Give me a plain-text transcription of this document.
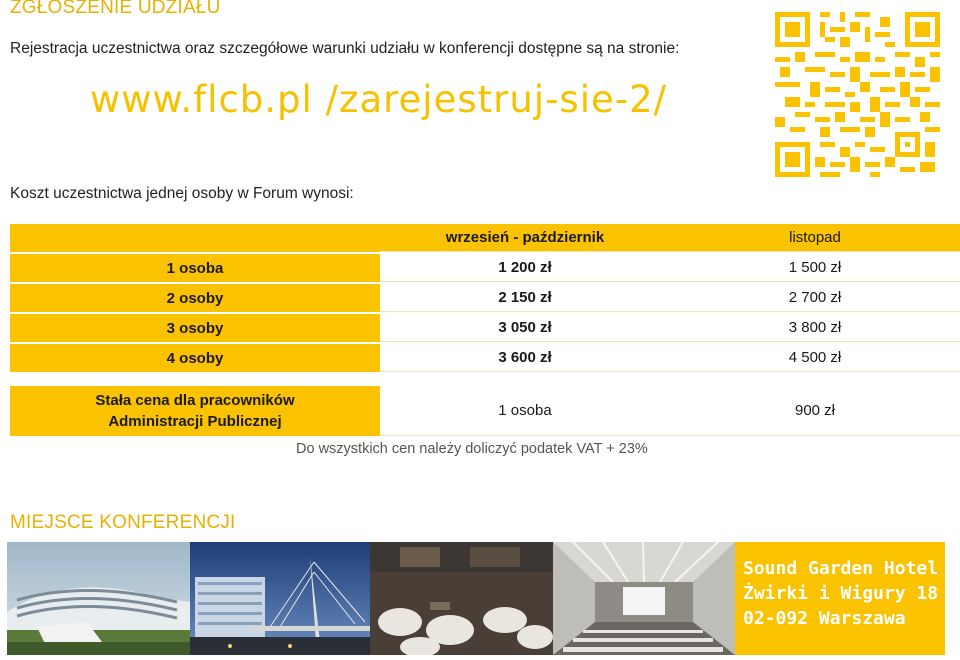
ZGŁOSZENIE UDZIAŁU
Rejestracja uczestnictwa oraz szczegółowe warunki udziału w konferencji dostępne są na stronie:
www.flcb.pl /zarejestruj-sie-2/
Koszt uczestnictwa jednej osoby w Forum wynosi:
	wrzesień - październik	listopad
1 osoba	1 200 zł	1 500 zł
2 osoby	2 150 zł	2 700 zł
3 osoby	3 050 zł	3 800 zł
4 osoby	3 600 zł	4 500 zł

Stała cena dla pracowników
Administracji Publicznej	1 osoba	900 zł
Do wszystkich cen należy doliczyć podatek VAT + 23%
MIEJSCE KONFERENCJI
Sound Garden Hotel
Żwirki i Wigury 18
02-092 Warszawa
